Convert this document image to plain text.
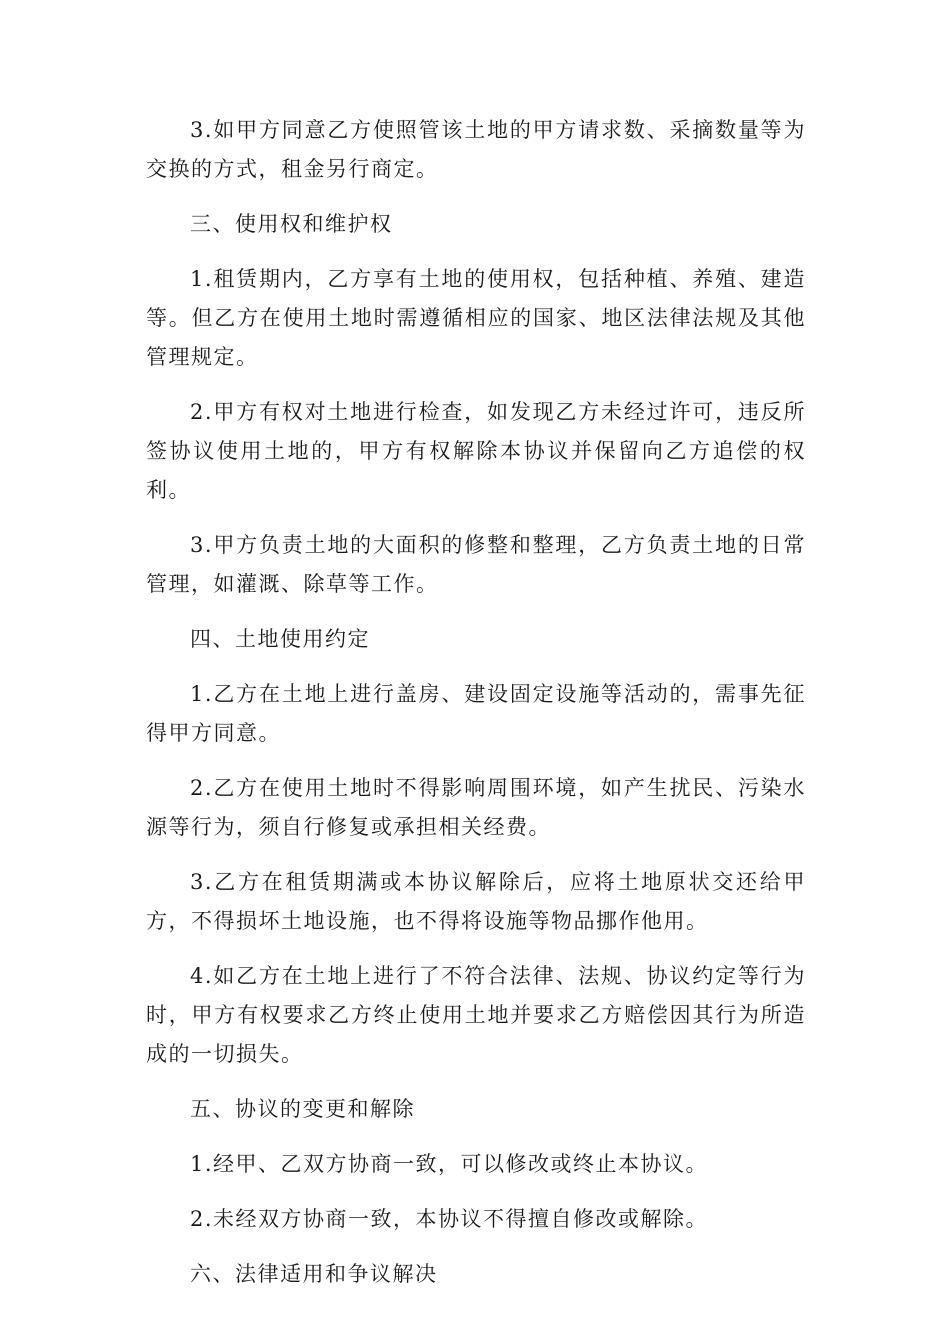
3.如甲方同意乙方使照管该土地的甲方请求数、采摘数量等为交换的方式，租金另行商定。

三、使用权和维护权

1.租赁期内，乙方享有土地的使用权，包括种植、养殖、建造等。但乙方在使用土地时需遵循相应的国家、地区法律法规及其他管理规定。

2.甲方有权对土地进行检查，如发现乙方未经过许可，违反所签协议使用土地的，甲方有权解除本协议并保留向乙方追偿的权利。

3.甲方负责土地的大面积的修整和整理，乙方负责土地的日常管理，如灌溉、除草等工作。

四、土地使用约定

1.乙方在土地上进行盖房、建设固定设施等活动的，需事先征得甲方同意。

2.乙方在使用土地时不得影响周围环境，如产生扰民、污染水源等行为，须自行修复或承担相关经费。

3.乙方在租赁期满或本协议解除后，应将土地原状交还给甲方，不得损坏土地设施，也不得将设施等物品挪作他用。

4.如乙方在土地上进行了不符合法律、法规、协议约定等行为时，甲方有权要求乙方终止使用土地并要求乙方赔偿因其行为所造成的一切损失。

五、协议的变更和解除

1.经甲、乙双方协商一致，可以修改或终止本协议。

2.未经双方协商一致，本协议不得擅自修改或解除。

六、法律适用和争议解决
